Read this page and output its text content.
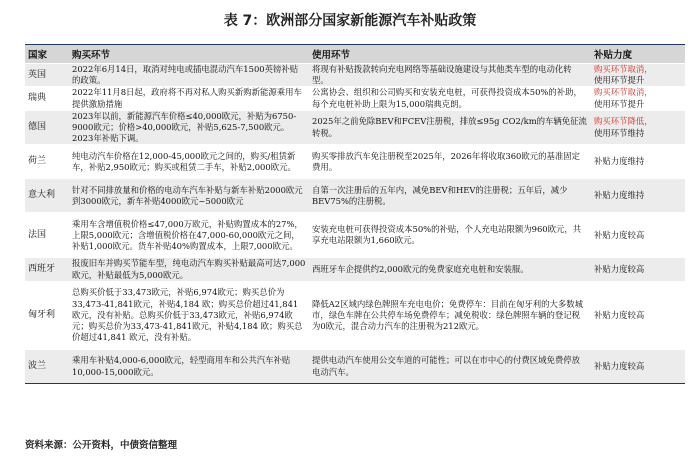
表 7：欧洲部分国家新能源汽车补贴政策
国家	购买环节	使用环节	补贴力度
英国	2022年6月14日，取消对纯电或插电混动汽车1500英镑补贴的政策。	将现有补贴拨款转向充电网络等基础设施建设与其他类车型的电动化转型。	购买环节取消，
使用环节提升

瑞典	2022年11月8日起，政府将不再对私人购买新购新能源乘用车提供激励措施	公寓协会、组织和公司购买和安装充电桩，可获得投资成本50%的补助，每个充电桩补助上限为15,000瑞典克朗。	购买环节取消，
使用环节提升

德国	2023年以前，新能源汽车价格≤40,000欧元，补贴为6750-9000欧元；价格>40,000欧元，补贴5,625-7,500欧元。2023年补贴下调。	2025年之前免除BEV和FCEV注册税，排放≤95g CO2/km的车辆免征流转税。	购买环节降低，
使用环节维持

荷兰	纯电动汽车价格在12,000-45,000欧元之间的，购买/租赁新车，补贴2,950欧元；购买或租赁二手车，补贴2,000欧元。	购买零排放汽车免注册税至2025年，2026年将收取360欧元的基准固定费用。	补贴力度维持

意大利	针对不同排放量和价格的电动车汽车补贴与新车补贴2000欧元到3000欧元，新车补贴4000欧元~5000欧元	自第一次注册后的五年内，减免BEV和HEV的注册税；五年后，减少BEV75%的注册税。	补贴力度维持

法国	乘用车含增值税价格≤47,000万欧元，补贴购置成本的27%，上限5,000欧元；含增值税价格在47,000-60,000欧元之间，补贴1,000欧元。货车补贴40%购置成本，上限7,000欧元。	安装充电桩可获得投资成本50%的补贴，个人充电站限额为960欧元，共享充电站限额为1,660欧元。	补贴力度较高

西班牙	报废旧车并购买节能车型，纯电动汽车购买补贴最高可达7,000欧元，补贴最低为5,000欧元。	西班牙车企提供约2,000欧元的免费家庭充电桩和安装服。	补贴力度较高

匈牙利	总购买价低于33,473欧元，补贴6,974欧元；购买总价为33,473-41,841欧元，补贴4,184 欧；购买总价超过41,841欧元，没有补贴。总购买价低于33,473欧元，补贴6,974欧元；购买总价为33,473-41,841欧元，补贴4,184 欧；购买总价超过41,841 欧元，没有补贴。	降低A2区域内绿色牌照车充电电价；免费停车：目前在匈牙利的大多数城市，绿色车牌在公共停车场免费停车；减免税收：绿色牌照车辆的登记税为0欧元，混合动力汽车的注册税为212欧元。	补贴力度较高

波兰	乘用车补贴4,000-6,000欧元，轻型商用车和公共汽车补贴10,000-15,000欧元。	提供电动汽车使用公交车道的可能性；可以在市中心的付费区域免费停放电动汽车。	补贴力度较高
资料来源：公开资料，中债资信整理
